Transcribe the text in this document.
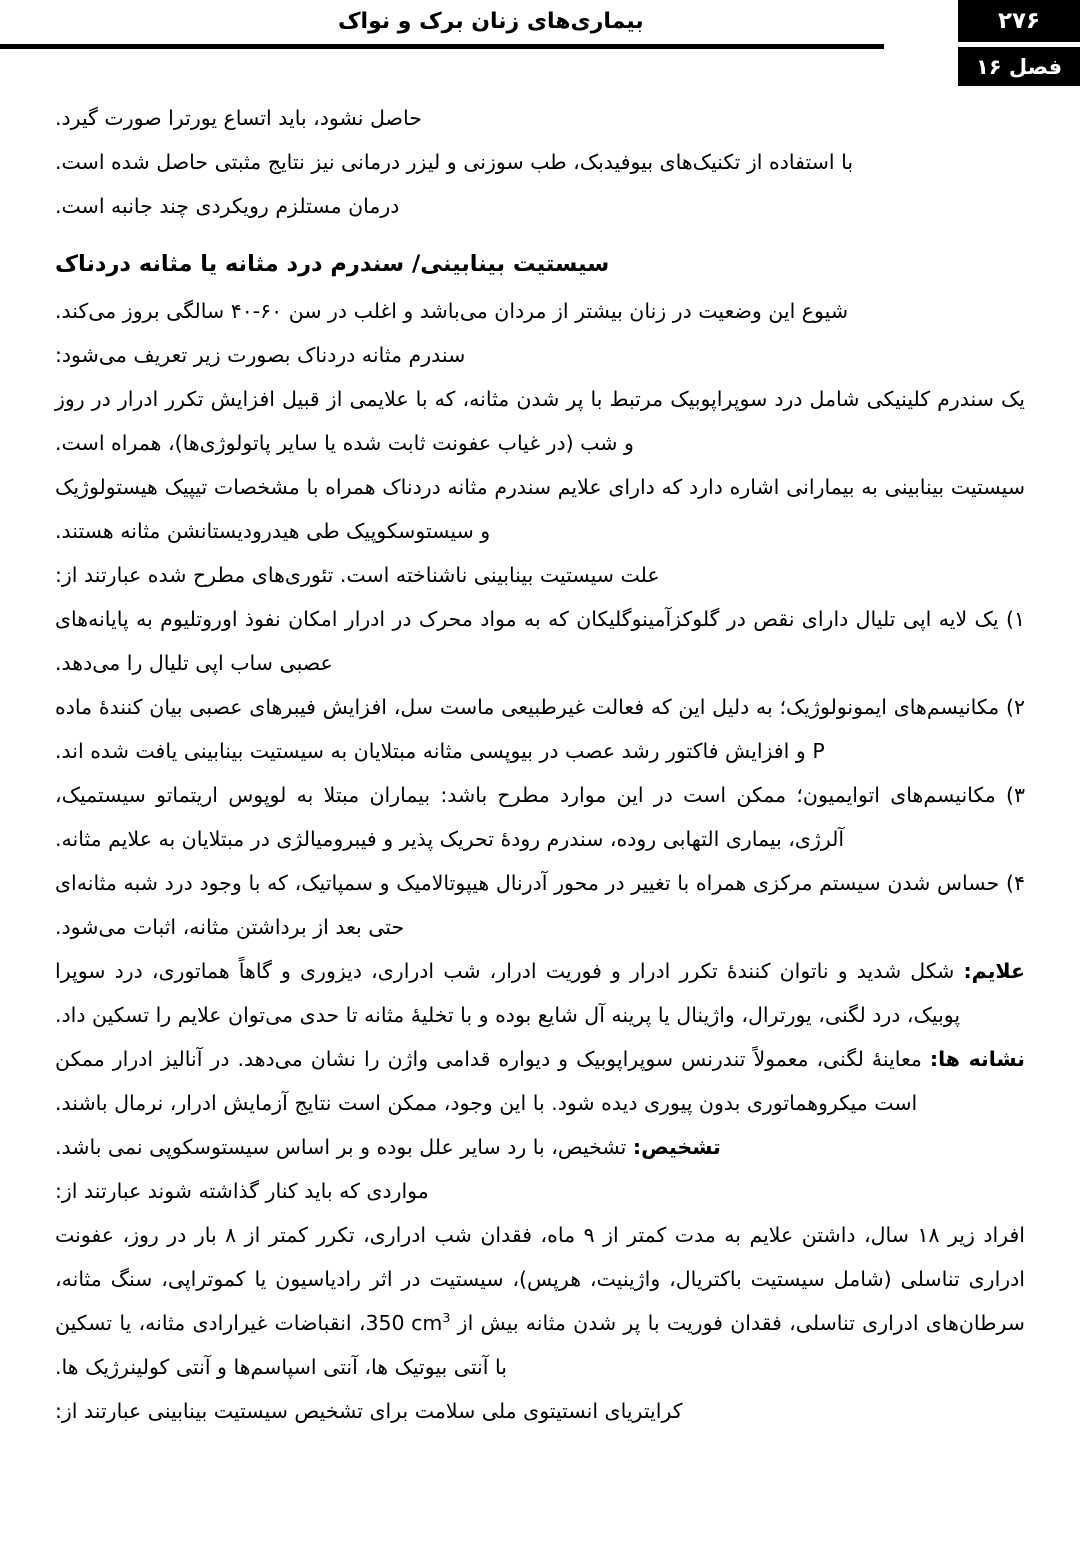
بیماری‌های زنان برک و نواک	۲۷۶
فصل ۱۶

حاصل نشود، باید اتساع یورترا صورت گیرد.

با استفاده از تکنیک‌های بیوفیدبک، طب سوزنی و لیزر درمانی نیز نتایج مثبتی حاصل شده است.

درمان مستلزم رویکردی چند جانبه است.

سیستیت بینابینی/ سندرم درد مثانه یا مثانه دردناک

شیوع این وضعیت در زنان بیشتر از مردان می‌باشد و اغلب در سن ۶۰-۴۰ سالگی بروز می‌کند.

سندرم مثانه دردناک بصورت زیر تعریف می‌شود:

یک سندرم کلینیکی شامل درد سوپراپوبیک مرتبط با پر شدن مثانه، که با علایمی از قبیل افزایش تکرر ادرار در روز و شب (در غیاب عفونت ثابت شده یا سایر پاتولوژی‌ها)، همراه است.

سیستیت بینابینی به بیمارانی اشاره دارد که دارای علایم سندرم مثانه دردناک همراه با مشخصات تیپیک هیستولوژیک و سیستوسکوپیک طی هیدرودیستانشن مثانه هستند.

علت سیستیت بینابینی ناشناخته است. تئوری‌های مطرح شده عبارتند از:

۱) یک لایه اپی تلیال دارای نقص در گلوکزآمینوگلیکان که به مواد محرک در ادرار امکان نفوذ اوروتلیوم به پایانه‌های عصبی ساب اپی تلیال را می‌دهد.

۲) مکانیسم‌های ایمونولوژیک؛ به دلیل این که فعالت غیرطبیعی ماست سل، افزایش فیبرهای عصبی بیان کنندهٔ ماده P و افزایش فاکتور رشد عصب در بیوپسی مثانه مبتلایان به سیستیت بینابینی یافت شده اند.

۳) مکانیسم‌های اتوایمیون؛ ممکن است در این موارد مطرح باشد: بیماران مبتلا به لوپوس اریتماتو سیستمیک، آلرژی، بیماری التهابی روده، سندرم رودهٔ تحریک پذیر و فیبرومیالژی در مبتلایان به علایم مثانه.

۴) حساس شدن سیستم مرکزی همراه با تغییر در محور آدرنال هیپوتالامیک و سمپاتیک، که با وجود درد شبه مثانه‌ای حتی بعد از برداشتن مثانه، اثبات می‌شود.

علایم: شکل شدید و ناتوان کنندهٔ تکرر ادرار و فوریت ادرار، شب ادراری، دیزوری و گاهاً هماتوری، درد سوپرا پوبیک، درد لگنی، یورترال، واژینال یا پرینه آل شایع بوده و با تخلیهٔ مثانه تا حدی می‌توان علایم را تسکین داد.

نشانه ها: معاینهٔ لگنی، معمولاً تندرنس سوپراپوبیک و دیواره قدامی واژن را نشان می‌دهد. در آنالیز ادرار ممکن است میکروهماتوری بدون پیوری دیده شود. با این وجود، ممکن است نتایج آزمایش ادرار، نرمال باشند.

تشخیص: تشخیص، با رد سایر علل بوده و بر اساس سیستوسکوپی نمی باشد.

مواردی که باید کنار گذاشته شوند عبارتند از:

افراد زیر ۱۸ سال، داشتن علایم به مدت کمتر از ۹ ماه، فقدان شب ادراری، تکرر کمتر از ۸ بار در روز، عفونت ادراری تناسلی (شامل سیستیت باکتریال، واژینیت، هرپس)، سیستیت در اثر رادیاسیون یا کموتراپی، سنگ مثانه، سرطان‌های ادراری تناسلی، فقدان فوریت با پر شدن مثانه بیش از 350 $cm^3،$ انقباضات غیرارادی مثانه، یا تسکین با آنتی بیوتیک ها، آنتی اسپاسم‌ها و آنتی کولینرژیک ها.

کرایتریای انستیتوی ملی سلامت برای تشخیص سیستیت بینابینی عبارتند از:
